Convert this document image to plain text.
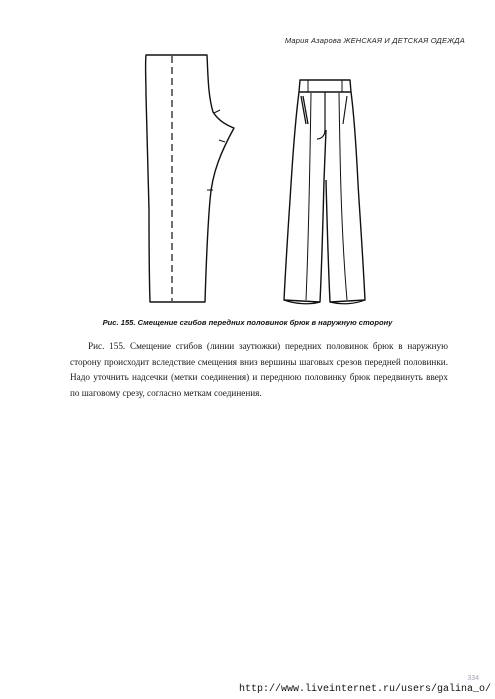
Мария Азарова ЖЕНСКАЯ И ДЕТСКАЯ ОДЕЖДА
Рис. 155. Смещение сгибов передних половинок брюк в наружную сторону

Рис. 155. Смещение сгибов (линии заутюжки) передних половинок брюк в наружную сторону происходит вследствие смещения вниз вершины шаговых срезов передней половинки. Надо уточнить надсечки (метки соединения) и переднюю половинку брюк передвинуть вверх по шаговому срезу, согласно меткам соединения.

334
http://www.liveinternet.ru/users/galina_o/
